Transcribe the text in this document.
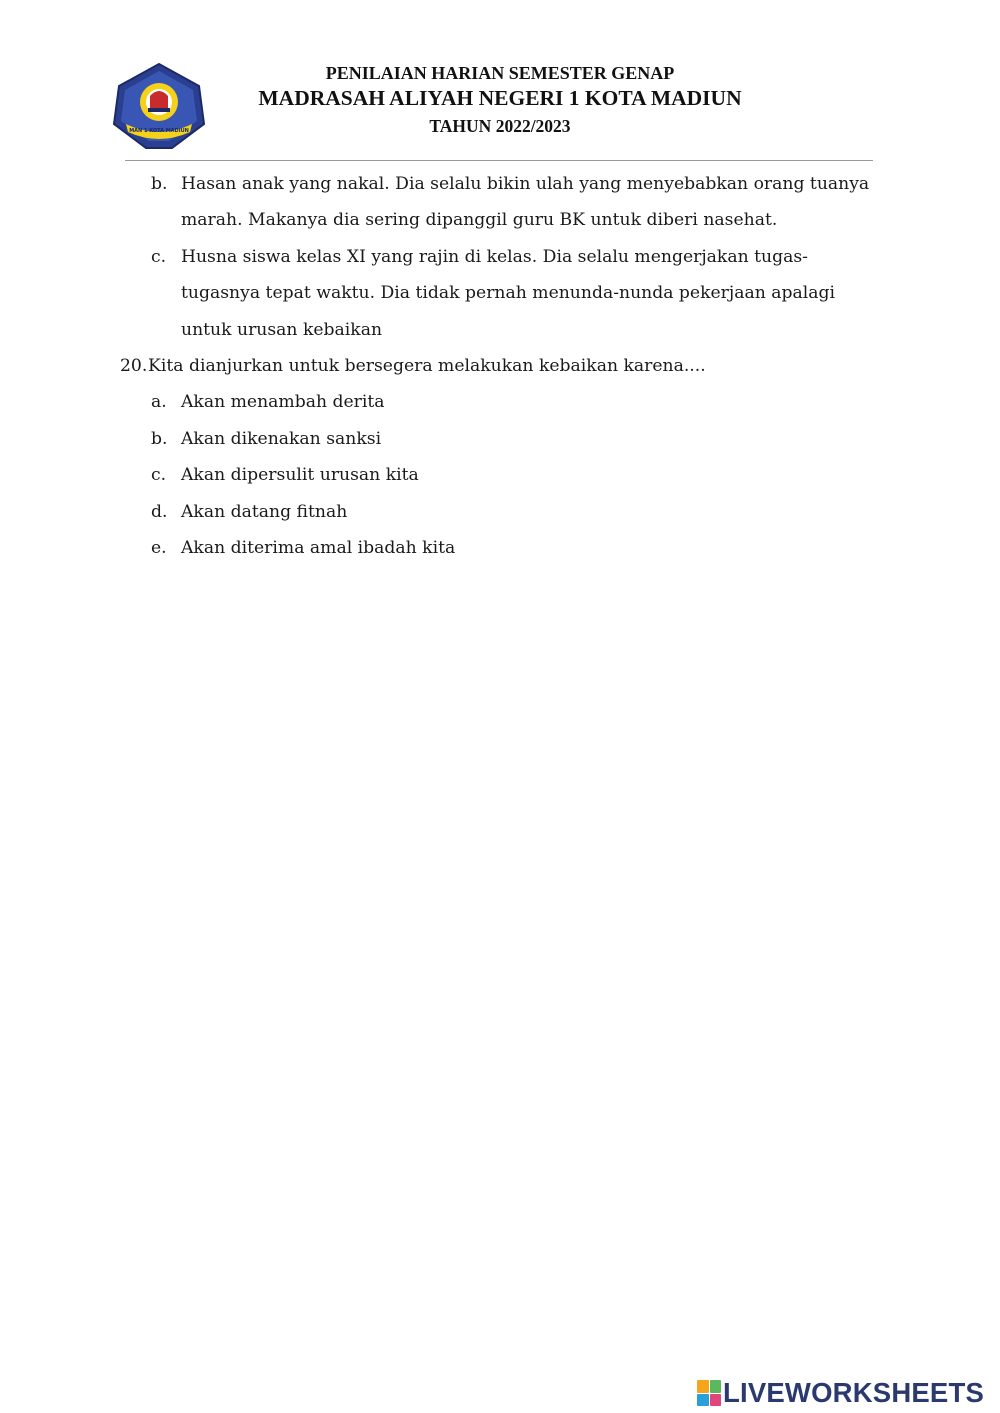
MAN 1 KOTA MADIUN
PENILAIAN HARIAN SEMESTER GENAP
MADRASAH ALIYAH NEGERI 1 KOTA MADIUN
TAHUN 2022/2023
b. Hasan anak yang nakal. Dia selalu bikin ulah yang menyebabkan orang tuanya marah. Makanya dia sering dipanggil guru BK untuk diberi nasehat.
c. Husna siswa kelas XI yang rajin di kelas. Dia selalu mengerjakan tugas-tugasnya tepat waktu. Dia tidak pernah menunda-nunda pekerjaan apalagi untuk urusan kebaikan
20. Kita dianjurkan untuk bersegera melakukan kebaikan karena....
a. Akan menambah derita
b. Akan dikenakan sanksi
c. Akan dipersulit urusan kita
d. Akan datang fitnah
e. Akan diterima amal ibadah kita
LIVEWORKSHEETS
